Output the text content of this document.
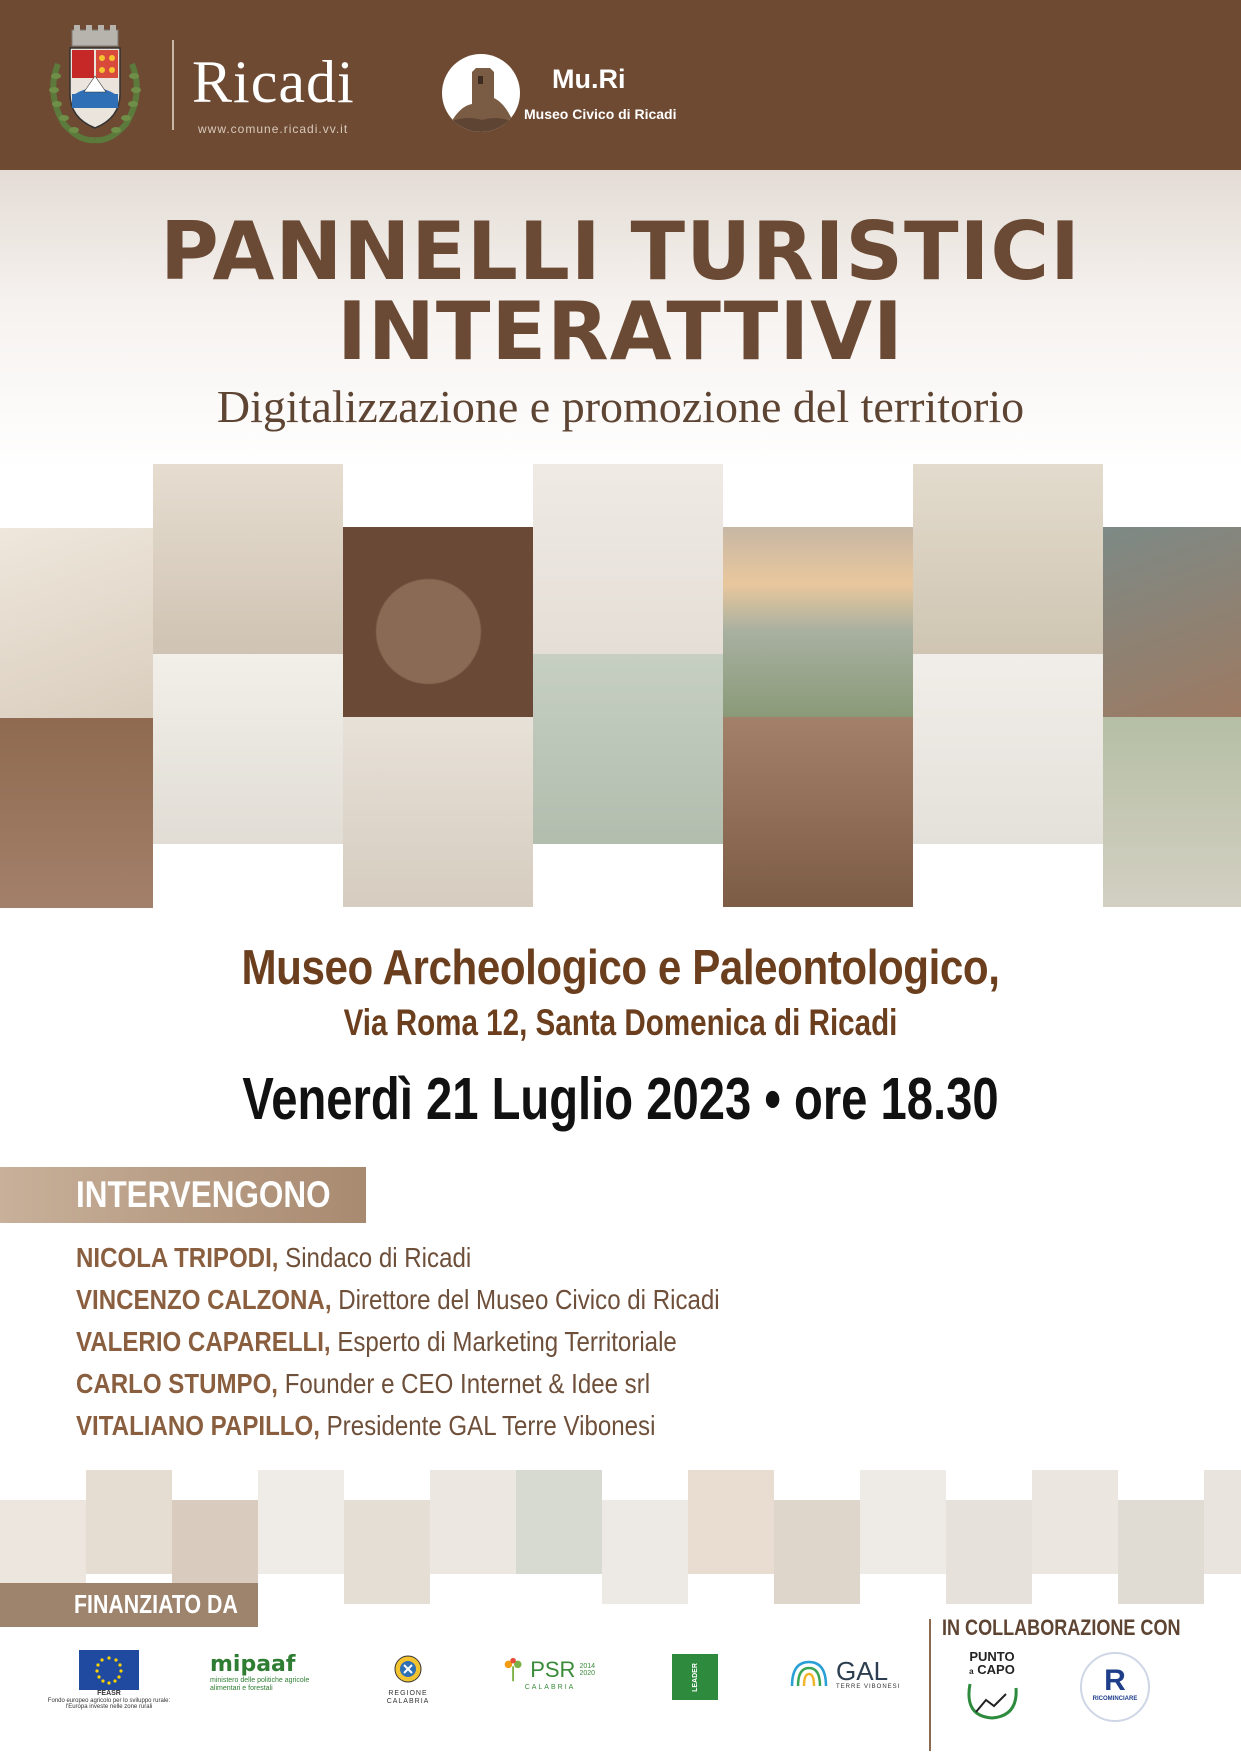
Ricadi
www.comune.ricadi.vv.it
Mu.Ri
Museo Civico di Ricadi
PANNELLI TURISTICI
INTERATTIVI
Digitalizzazione e promozione del territorio
Museo Archeologico e Paleontologico,
Via Roma 12, Santa Domenica di Ricadi
Venerdì 21 Luglio 2023 • ore 18.30
INTERVENGONO
NICOLA TRIPODI, Sindaco di Ricadi
VINCENZO CALZONA, Direttore del Museo Civico di Ricadi
VALERIO CAPARELLI, Esperto di Marketing Territoriale
CARLO STUMPO, Founder e CEO Internet & Idee srl
VITALIANO PAPILLO, Presidente GAL Terre Vibonesi
FINANZIATO DA
IN COLLABORAZIONE CON
FEASR
Fondo europeo agricolo per lo sviluppo rurale: l'Europa investe nelle zone rurali
mipaaf
ministero delle politiche agricole alimentari e forestali
REGIONE CALABRIA
PSR 2014 2020
CALABRIA	LEADER	GAL
TERRE VIBONESI
PUNTO
a CAPO	R
RICOMINCIARE
